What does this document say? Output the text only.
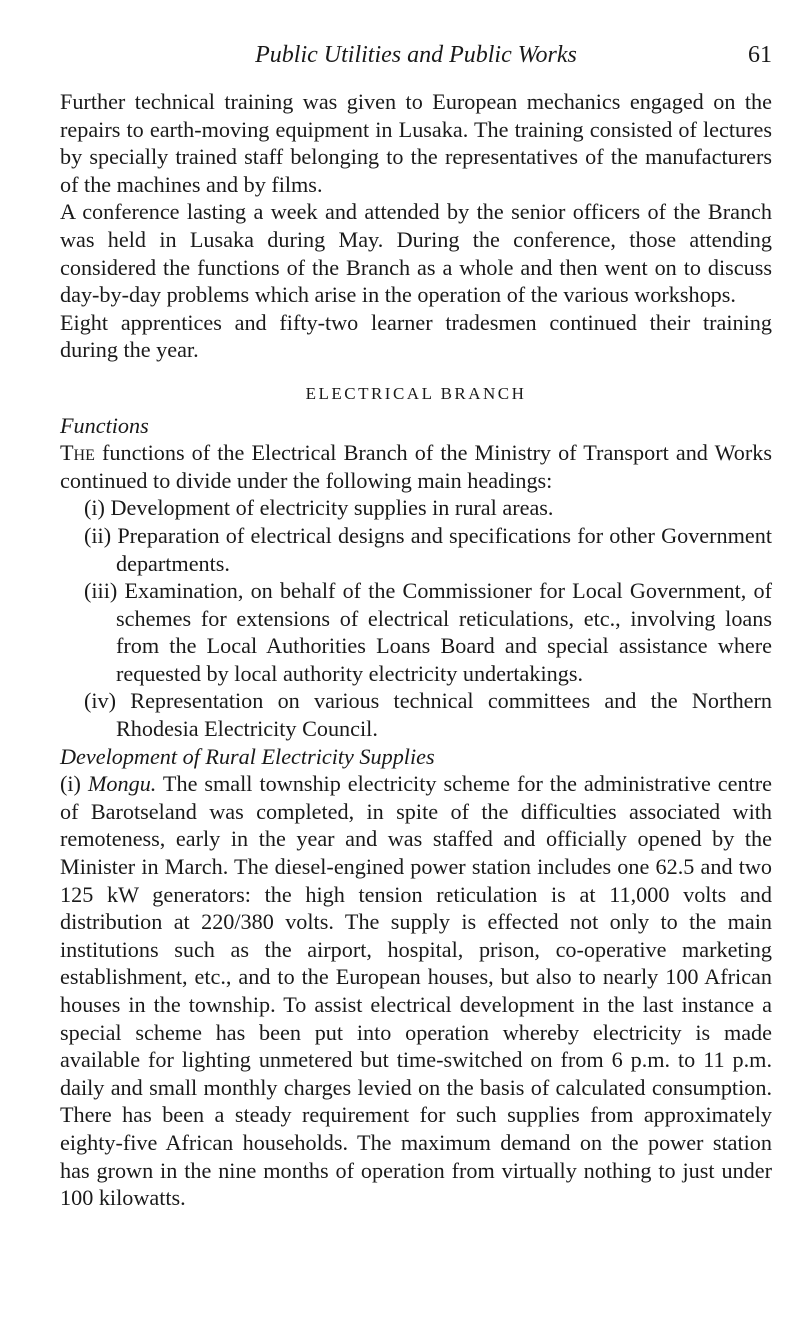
Public Utilities and Public Works	61

Further technical training was given to European mechanics engaged on the repairs to earth-moving equipment in Lusaka. The training consisted of lectures by specially trained staff belonging to the representatives of the manufacturers of the machines and by films.

A conference lasting a week and attended by the senior officers of the Branch was held in Lusaka during May. During the conference, those attending considered the functions of the Branch as a whole and then went on to discuss day-by-day problems which arise in the operation of the various workshops.

Eight apprentices and fifty-two learner tradesmen continued their training during the year.

ELECTRICAL BRANCH
Functions

The functions of the Electrical Branch of the Ministry of Transport and Works continued to divide under the following main headings:

(i) Development of electricity supplies in rural areas.

(ii) Preparation of electrical designs and specifications for other Government departments.

(iii) Examination, on behalf of the Commissioner for Local Government, of schemes for extensions of electrical reticulations, etc., involving loans from the Local Authorities Loans Board and special assistance where requested by local authority electricity undertakings.

(iv) Representation on various technical committees and the Northern Rhodesia Electricity Council.

Development of Rural Electricity Supplies

(i) Mongu. The small township electricity scheme for the administrative centre of Barotseland was completed, in spite of the difficulties associated with remoteness, early in the year and was staffed and officially opened by the Minister in March. The diesel-engined power station includes one 62.5 and two 125 kW generators: the high tension reticulation is at 11,000 volts and distribution at 220/380 volts. The supply is effected not only to the main institutions such as the airport, hospital, prison, co-operative marketing establishment, etc., and to the European houses, but also to nearly 100 African houses in the township. To assist electrical development in the last instance a special scheme has been put into operation whereby electricity is made available for lighting unmetered but time-switched on from 6 p.m. to 11 p.m. daily and small monthly charges levied on the basis of calculated consumption. There has been a steady requirement for such supplies from approximately eighty-five African households. The maximum demand on the power station has grown in the nine months of operation from virtually nothing to just under 100 kilowatts.
